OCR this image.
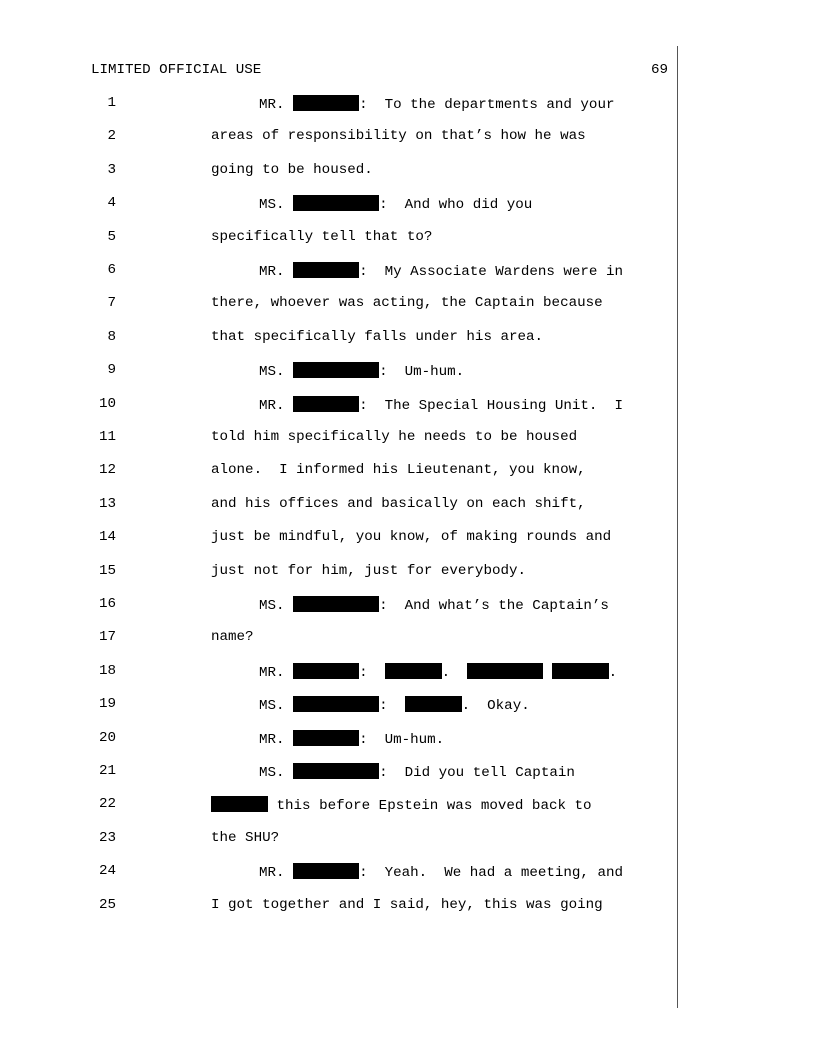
LIMITED OFFICIAL USE	69
1	MR.	:  To the departments and your
2	areas of responsibility on that’s how he was
3	going to be housed.
4	MS.	:  And who did you
5	specifically tell that to?
6	MR.	:  My Associate Wardens were in
7	there, whoever was acting, the Captain because
8	that specifically falls under his area.
9	MS.	:  Um-hum.
10	MR.	:  The Special Housing Unit.  I
11	told him specifically he needs to be housed
12	alone.  I informed his Lieutenant, you know,
13	and his offices and basically on each shift,
14	just be mindful, you know, of making rounds and
15	just not for him, just for everybody.
16	MS.	:  And what’s the Captain’s
17	name?
18	MR.	:	.	.
19	MS.	:	.  Okay.
20	MR.	:  Um-hum.
21	MS.	:  Did you tell Captain
22	this before Epstein was moved back to
23	the SHU?
24	MR.	:  Yeah.  We had a meeting, and
25	I got together and I said, hey, this was going
